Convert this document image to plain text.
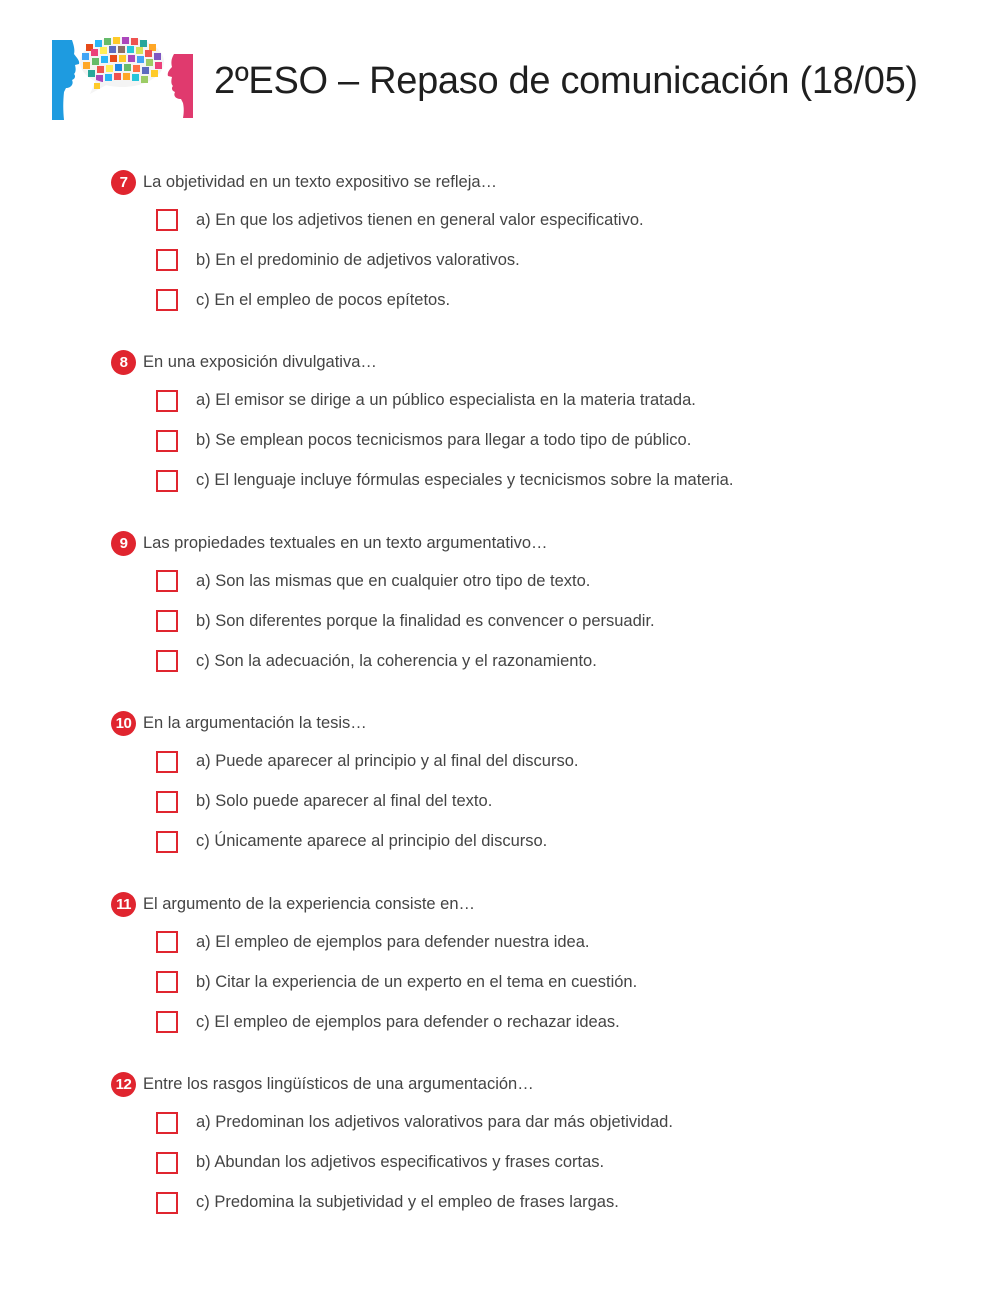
2ºESO – Repaso de comunicación (18/05)
7 La objetividad en un texto expositivo se refleja…
a) En que los adjetivos tienen en general valor especificativo.
b) En el predominio de adjetivos valorativos.
c) En el empleo de pocos epítetos.
8 En una exposición divulgativa…
a) El emisor se dirige a un público especialista en la materia tratada.
b) Se emplean pocos tecnicismos para llegar a todo tipo de público.
c) El lenguaje incluye fórmulas especiales y tecnicismos sobre la materia.
9 Las propiedades textuales en un texto argumentativo…
a) Son las mismas que en cualquier otro tipo de texto.
b) Son diferentes porque la finalidad es convencer o persuadir.
c) Son la adecuación, la coherencia y el razonamiento.
10 En la argumentación la tesis…
a) Puede aparecer al principio y al final del discurso.
b) Solo puede aparecer al final del texto.
c) Únicamente aparece al principio del discurso.
11 El argumento de la experiencia consiste en…
a) El empleo de ejemplos para defender nuestra idea.
b) Citar la experiencia de un experto en el tema en cuestión.
c) El empleo de ejemplos para defender o rechazar ideas.
12 Entre los rasgos lingüísticos de una argumentación…
a) Predominan los adjetivos valorativos para dar más objetividad.
b) Abundan los adjetivos especificativos y frases cortas.
c) Predomina la subjetividad y el empleo de frases largas.
